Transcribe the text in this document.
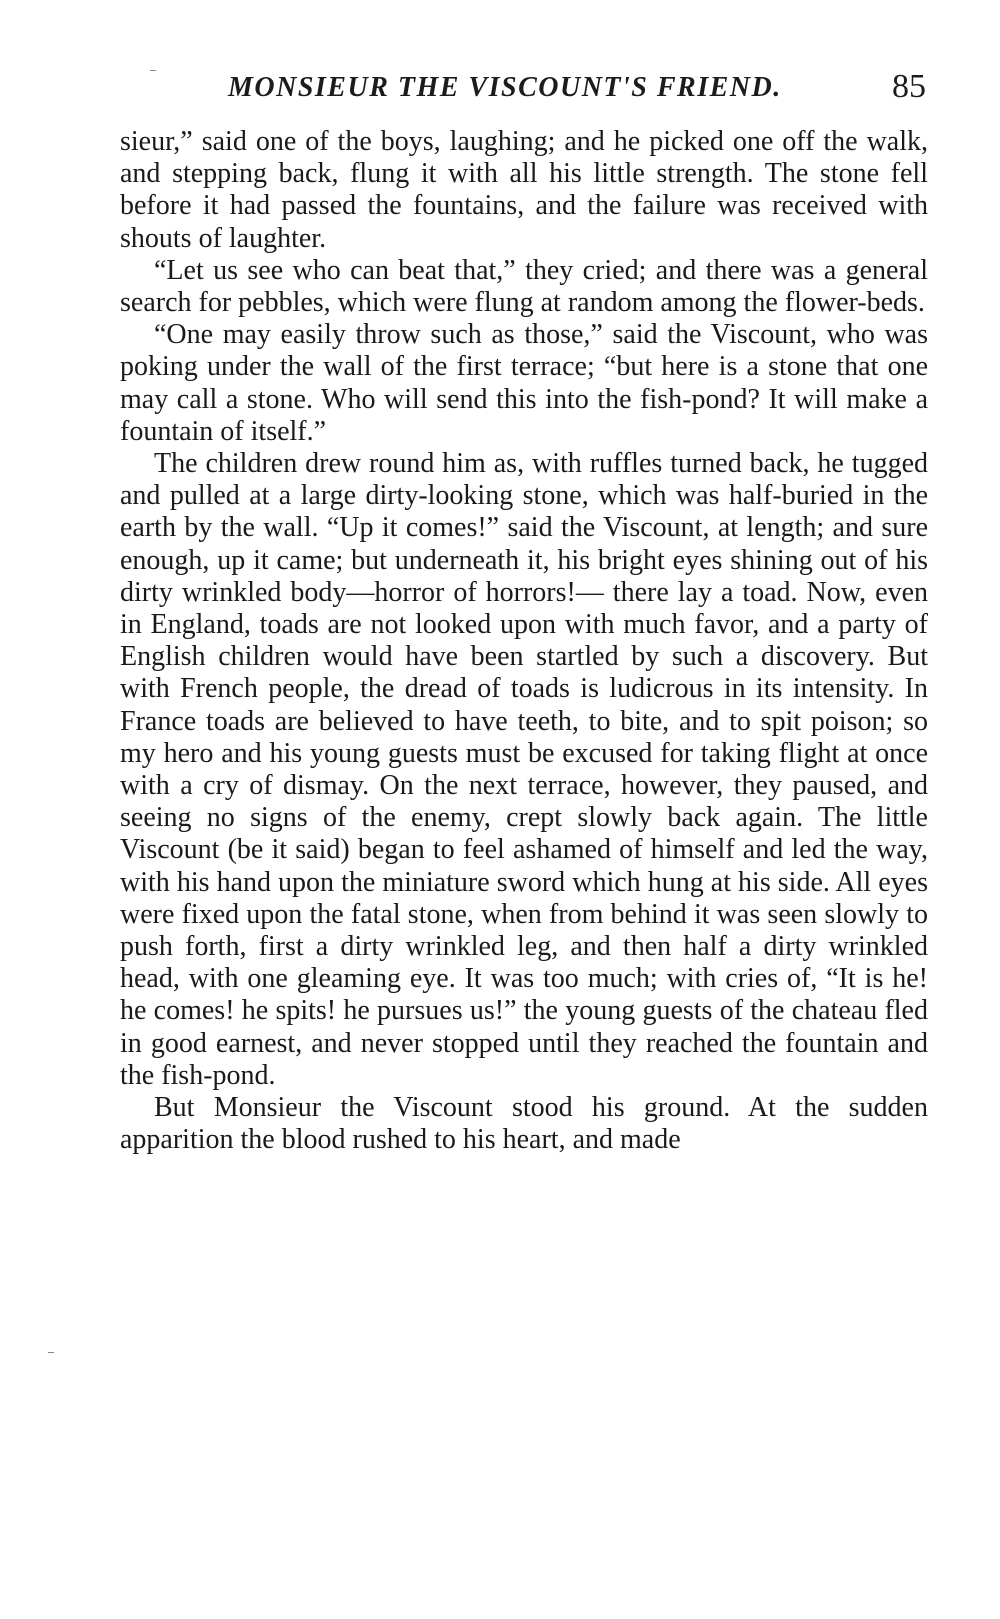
MONSIEUR THE VISCOUNT'S FRIEND.	85

sieur,” said one of the boys, laughing; and he picked one off the walk, and stepping back, flung it with all his little strength. The stone fell before it had passed the fountains, and the failure was received with shouts of laughter.

“Let us see who can beat that,” they cried; and there was a general search for pebbles, which were flung at random among the flower-beds.

“One may easily throw such as those,” said the Viscount, who was poking under the wall of the first terrace; “but here is a stone that one may call a stone. Who will send this into the fish-pond? It will make a fountain of itself.”

The children drew round him as, with ruffles turned back, he tugged and pulled at a large dirty-looking stone, which was half-buried in the earth by the wall. “Up it comes!” said the Viscount, at length; and sure enough, up it came; but underneath it, his bright eyes shining out of his dirty wrinkled body—horror of horrors!— there lay a toad. Now, even in England, toads are not looked upon with much favor, and a party of English children would have been startled by such a discovery. But with French people, the dread of toads is ludicrous in its intensity. In France toads are believed to have teeth, to bite, and to spit poison; so my hero and his young guests must be excused for taking flight at once with a cry of dismay. On the next terrace, however, they paused, and seeing no signs of the enemy, crept slowly back again. The little Viscount (be it said) began to feel ashamed of himself and led the way, with his hand upon the miniature sword which hung at his side. All eyes were fixed upon the fatal stone, when from behind it was seen slowly to push forth, first a dirty wrinkled leg, and then half a dirty wrinkled head, with one gleaming eye. It was too much; with cries of, “It is he! he comes! he spits! he pursues us!” the young guests of the chateau fled in good earnest, and never stopped until they reached the fountain and the fish-pond.

But Monsieur the Viscount stood his ground. At the sudden apparition the blood rushed to his heart, and made
